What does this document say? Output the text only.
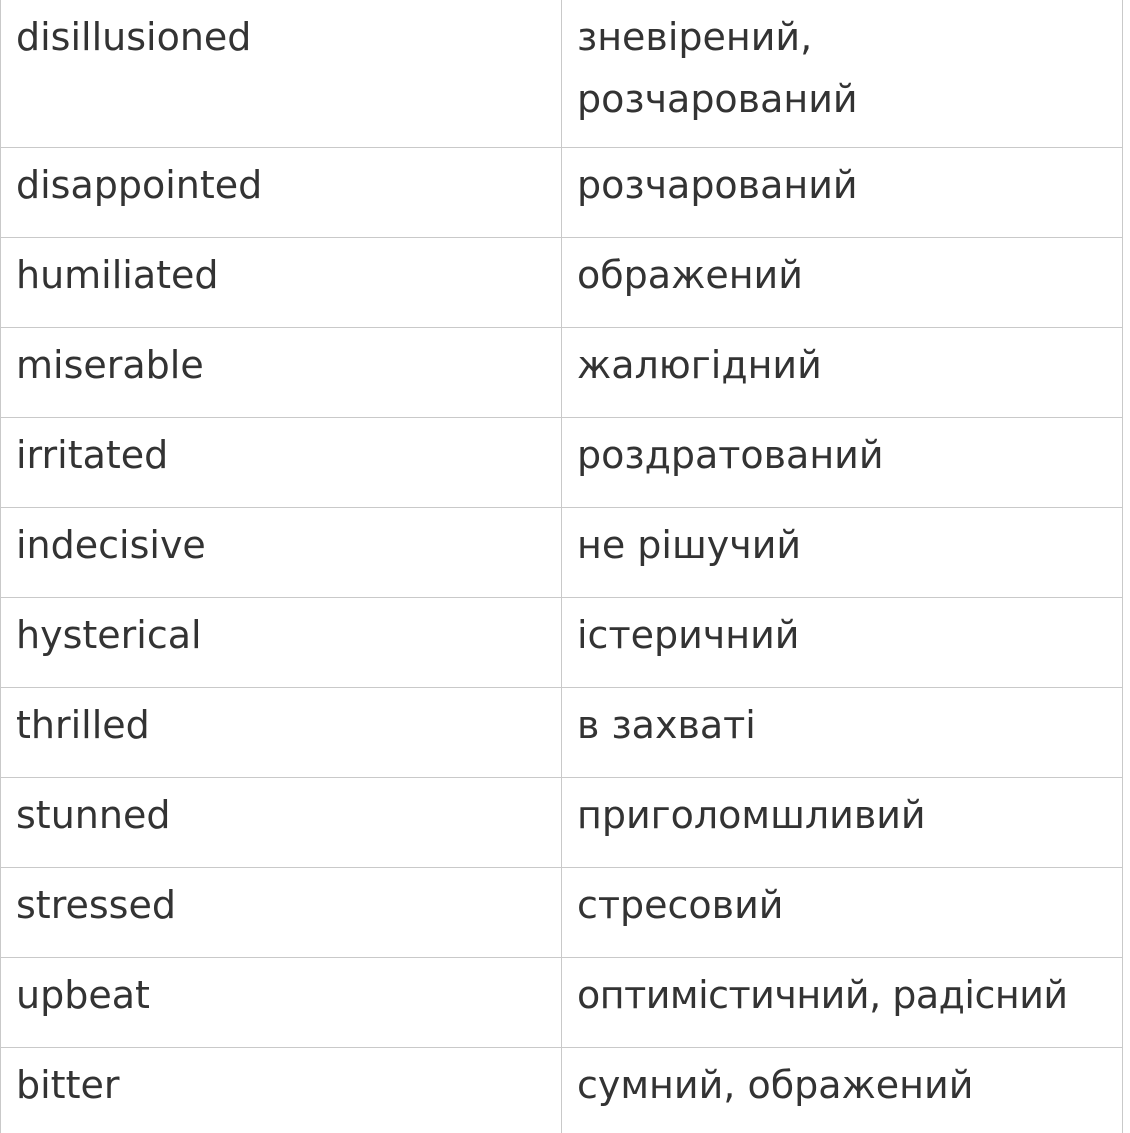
disillusioned	зневірений, розчарований
disappointed	розчарований
humiliated	ображений
miserable	жалюгідний
irritated	роздратований
indecisive	не рішучий
hysterical	істеричний
thrilled	в захваті
stunned	приголомшливий
stressed	стресовий
upbeat	оптимістичний, радісний
bitter	сумний, ображений
